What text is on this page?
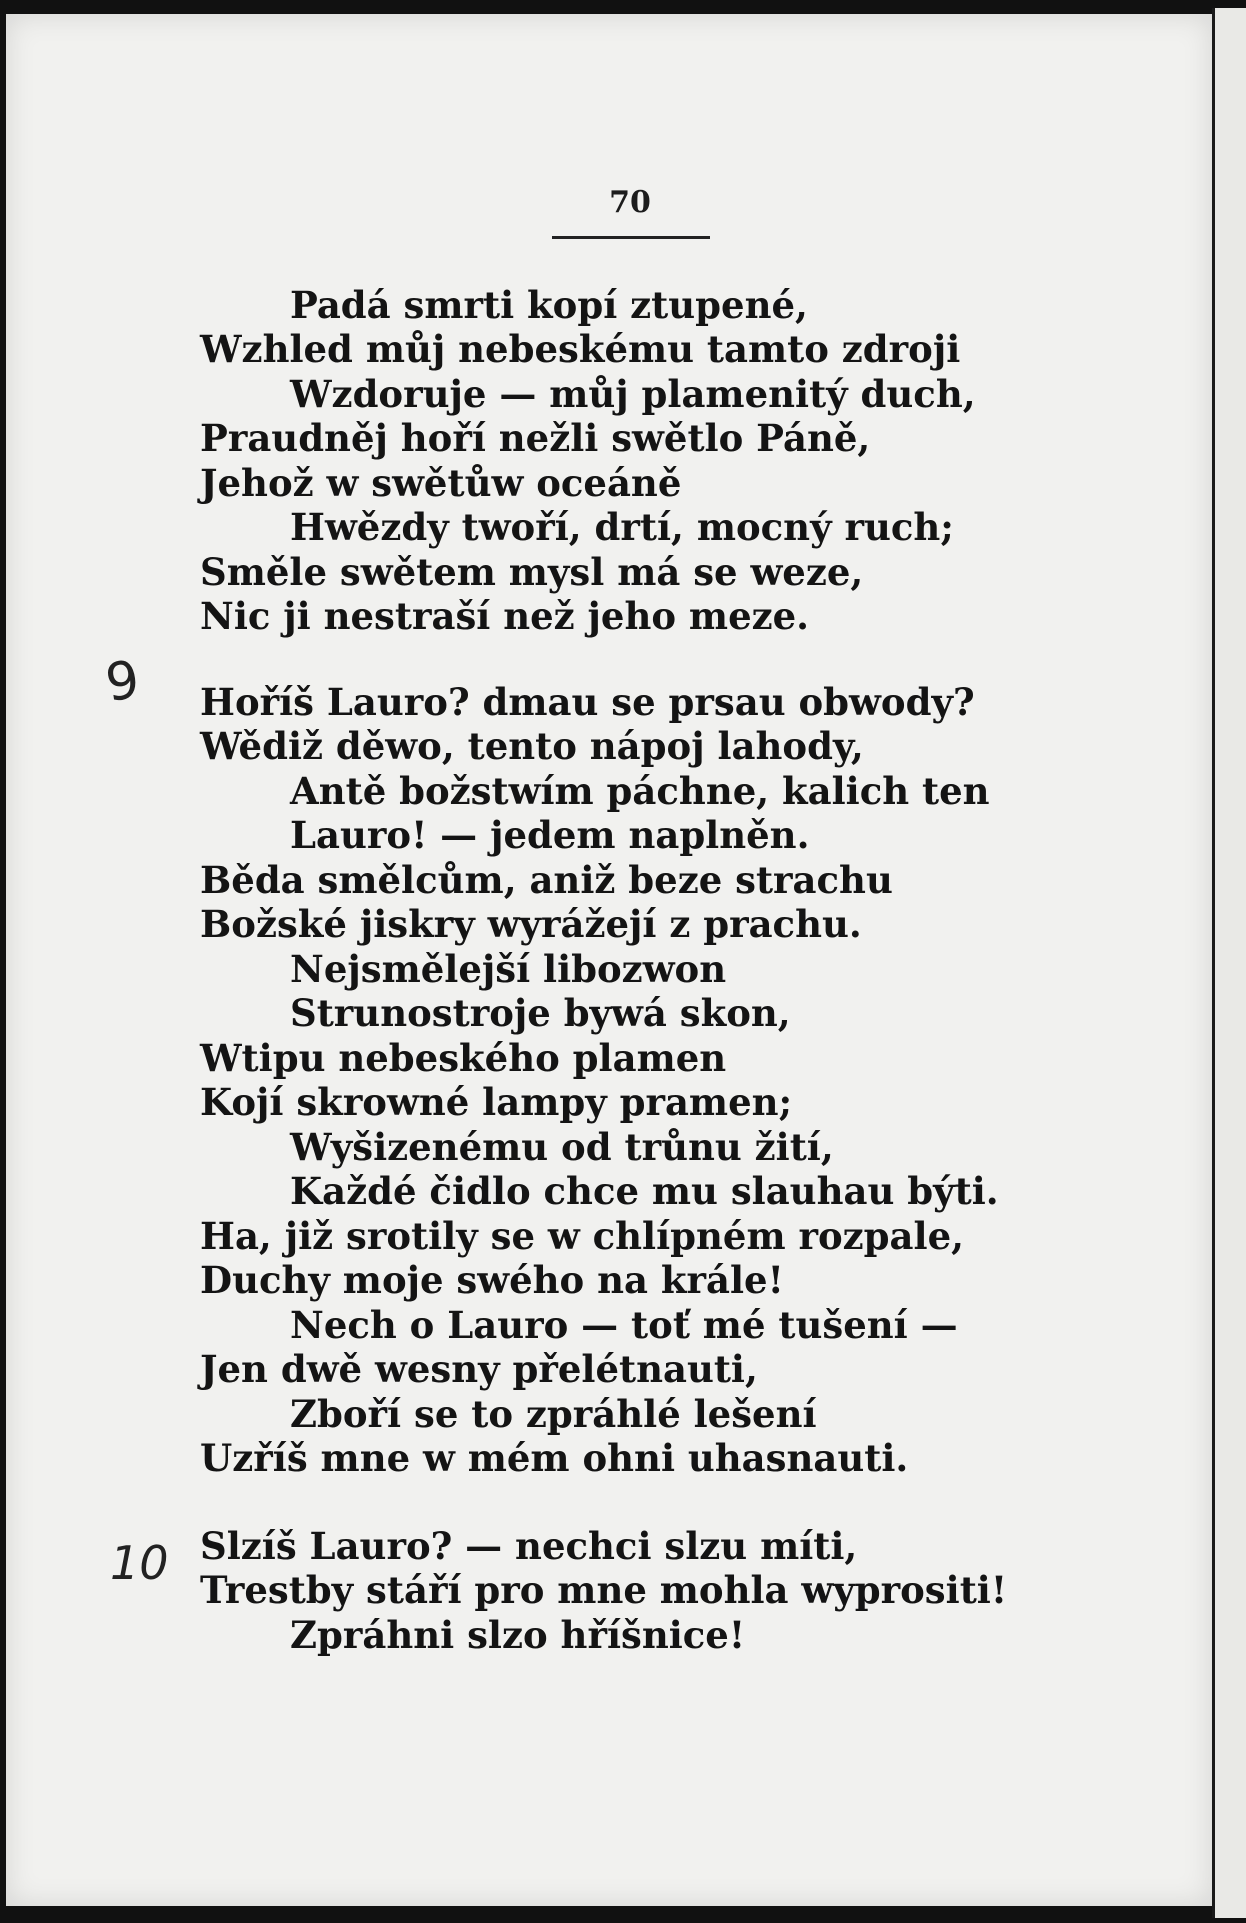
70
9
10
Padá smrti kopí ztupené,
Wzhled můj nebeskému tamto zdroji
Wzdoruje — můj plamenitý duch,
Praudněj hoří nežli swětlo Páně,
Jehož w swětůw oceáně
Hwězdy twoří, drtí, mocný ruch;
Směle swětem mysl má se weze,
Nic ji nestraší než jeho meze.
Hoříš Lauro? dmau se prsau obwody?
Wědiž děwo, tento nápoj lahody,
Antě božstwím páchne, kalich ten
Lauro! — jedem naplněn.
Běda smělcům, aniž beze strachu
Božské jiskry wyrážejí z prachu.
Nejsmělejší libozwon
Strunostroje bywá skon,
Wtipu nebeského plamen
Kojí skrowné lampy pramen;
Wyšizenému od trůnu žití,
Každé čidlo chce mu slauhau býti.
Ha, již srotily se w chlípném rozpale,
Duchy moje swého na krále!
Nech o Lauro — toť mé tušení —
Jen dwě wesny přelétnauti,
Zboří se to zpráhlé lešení
Uzříš mne w mém ohni uhasnauti.
Slzíš Lauro? — nechci slzu míti,
Trestby stáří pro mne mohla wyprositi!
Zpráhni slzo hříšnice!
